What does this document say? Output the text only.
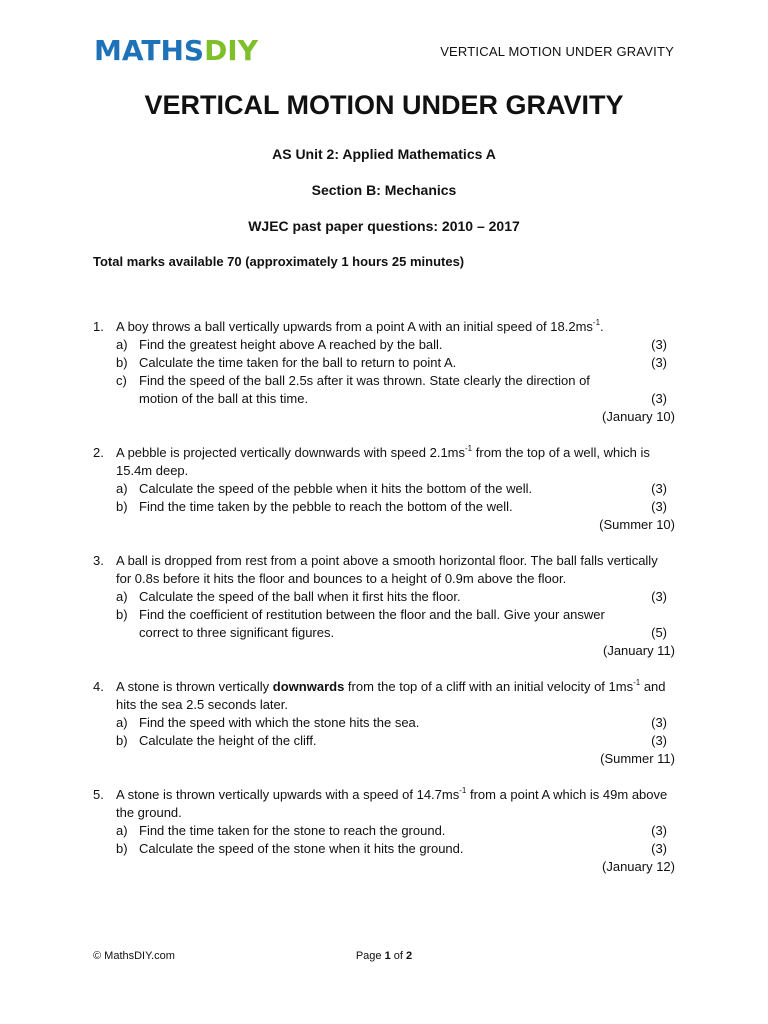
MATHSDIY	VERTICAL MOTION UNDER GRAVITY
VERTICAL MOTION UNDER GRAVITY
AS Unit 2: Applied Mathematics A
Section B: Mechanics
WJEC past paper questions: 2010 – 2017
Total marks available 70 (approximately 1 hours 25 minutes)
1. A boy throws a ball vertically upwards from a point A with an initial speed of $18.2ms^{-1}$.
a) Find the greatest height above A reached by the ball.	(3)
b) Calculate the time taken for the ball to return to point A.	(3)
c) Find the speed of the ball 2.5s after it was thrown. State clearly the direction of
motion of the ball at this time.	(3)
(January 10)
2. A pebble is projected vertically downwards with speed $2.1ms^{-1}$ from the top of a well, which is 15.4m deep.
a) Calculate the speed of the pebble when it hits the bottom of the well.	(3)
b) Find the time taken by the pebble to reach the bottom of the well.	(3)
(Summer 10)
3. A ball is dropped from rest from a point above a smooth horizontal floor. The ball falls vertically for 0.8s before it hits the floor and bounces to a height of 0.9m above the floor.
a) Calculate the speed of the ball when it first hits the floor.	(3)
b) Find the coefficient of restitution between the floor and the ball. Give your answer
correct to three significant figures.	(5)
(January 11)
4. A stone is thrown vertically downwards from the top of a cliff with an initial velocity of $1ms^{-1}$ and hits the sea 2.5 seconds later.
a) Find the speed with which the stone hits the sea.	(3)
b) Calculate the height of the cliff.	(3)
(Summer 11)
5. A stone is thrown vertically upwards with a speed of $14.7ms^{-1}$ from a point A which is 49m above the ground.
a) Find the time taken for the stone to reach the ground.	(3)
b) Calculate the speed of the stone when it hits the ground.	(3)
(January 12)
© MathsDIY.com	Page 1 of 2
